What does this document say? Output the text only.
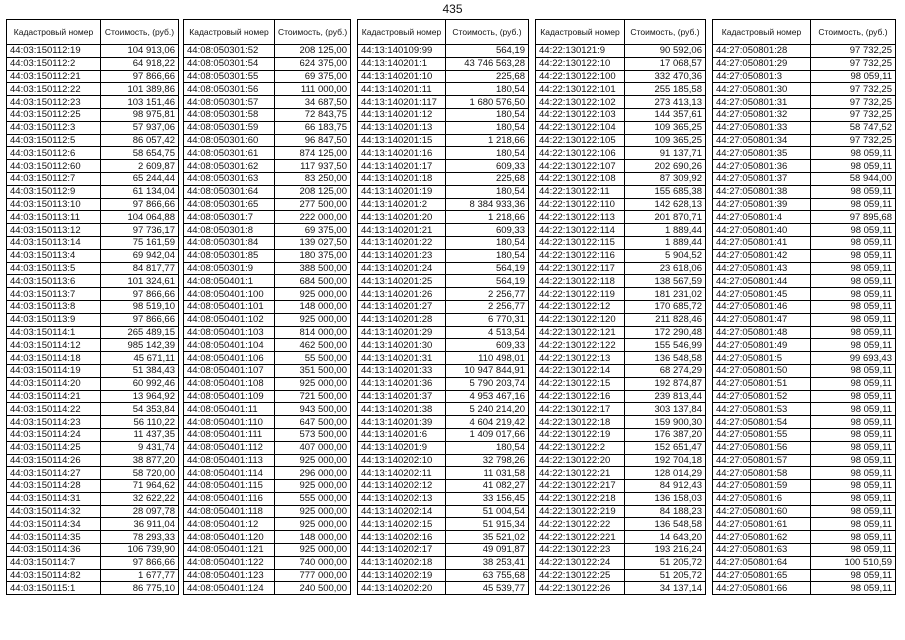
435
Кадастровый номер	Стоимость, (руб.)
44:03:150112:19	104 913,06
44:03:150112:2	64 918,22
44:03:150112:21	97 866,66
44:03:150112:22	101 389,86
44:03:150112:23	103 151,46
44:03:150112:25	98 975,81
44:03:150112:3	57 937,06
44:03:150112:5	86 057,42
44:03:150112:6	58 654,75
44:03:150112:60	2 609,87
44:03:150112:7	65 244,44
44:03:150112:9	61 134,04
44:03:150113:10	97 866,66
44:03:150113:11	104 064,88
44:03:150113:12	97 736,17
44:03:150113:14	75 161,59
44:03:150113:4	69 942,04
44:03:150113:5	84 817,77
44:03:150113:6	101 324,61
44:03:150113:7	97 866,66
44:03:150113:8	98 519,10
44:03:150113:9	97 866,66
44:03:150114:1	265 489,15
44:03:150114:12	985 142,39
44:03:150114:18	45 671,11
44:03:150114:19	51 384,43
44:03:150114:20	60 992,46
44:03:150114:21	13 964,92
44:03:150114:22	54 353,84
44:03:150114:23	56 110,22
44:03:150114:24	11 437,35
44:03:150114:25	9 431,74
44:03:150114:26	38 877,20
44:03:150114:27	58 720,00
44:03:150114:28	71 964,62
44:03:150114:31	32 622,22
44:03:150114:32	28 097,78
44:03:150114:34	36 911,04
44:03:150114:35	78 293,33
44:03:150114:36	106 739,90
44:03:150114:7	97 866,66
44:03:150114:82	1 677,77
44:03:150115:1	86 775,10
Кадастровый номер	Стоимость, (руб.)
44:08:050301:52	208 125,00
44:08:050301:54	624 375,00
44:08:050301:55	69 375,00
44:08:050301:56	111 000,00
44:08:050301:57	34 687,50
44:08:050301:58	72 843,75
44:08:050301:59	66 183,75
44:08:050301:60	96 847,50
44:08:050301:61	874 125,00
44:08:050301:62	117 937,50
44:08:050301:63	83 250,00
44:08:050301:64	208 125,00
44:08:050301:65	277 500,00
44:08:050301:7	222 000,00
44:08:050301:8	69 375,00
44:08:050301:84	139 027,50
44:08:050301:85	180 375,00
44:08:050301:9	388 500,00
44:08:050401:1	684 500,00
44:08:050401:100	925 000,00
44:08:050401:101	148 000,00
44:08:050401:102	925 000,00
44:08:050401:103	814 000,00
44:08:050401:104	462 500,00
44:08:050401:106	55 500,00
44:08:050401:107	351 500,00
44:08:050401:108	925 000,00
44:08:050401:109	721 500,00
44:08:050401:11	943 500,00
44:08:050401:110	647 500,00
44:08:050401:111	573 500,00
44:08:050401:112	407 000,00
44:08:050401:113	925 000,00
44:08:050401:114	296 000,00
44:08:050401:115	925 000,00
44:08:050401:116	555 000,00
44:08:050401:118	925 000,00
44:08:050401:12	925 000,00
44:08:050401:120	148 000,00
44:08:050401:121	925 000,00
44:08:050401:122	740 000,00
44:08:050401:123	777 000,00
44:08:050401:124	240 500,00
Кадастровый номер	Стоимость, (руб.)
44:13:140109:99	564,19
44:13:140201:1	43 746 563,28
44:13:140201:10	225,68
44:13:140201:11	180,54
44:13:140201:117	1 680 576,50
44:13:140201:12	180,54
44:13:140201:13	180,54
44:13:140201:15	1 218,66
44:13:140201:16	180,54
44:13:140201:17	609,33
44:13:140201:18	225,68
44:13:140201:19	180,54
44:13:140201:2	8 384 933,36
44:13:140201:20	1 218,66
44:13:140201:21	609,33
44:13:140201:22	180,54
44:13:140201:23	180,54
44:13:140201:24	564,19
44:13:140201:25	564,19
44:13:140201:26	2 256,77
44:13:140201:27	2 256,77
44:13:140201:28	6 770,31
44:13:140201:29	4 513,54
44:13:140201:30	609,33
44:13:140201:31	110 498,01
44:13:140201:33	10 947 844,91
44:13:140201:36	5 790 203,74
44:13:140201:37	4 953 467,16
44:13:140201:38	5 240 214,20
44:13:140201:39	4 604 219,42
44:13:140201:6	1 409 017,66
44:13:140201:9	180,54
44:13:140202:10	32 798,26
44:13:140202:11	11 031,58
44:13:140202:12	41 082,27
44:13:140202:13	33 156,45
44:13:140202:14	51 004,54
44:13:140202:15	51 915,34
44:13:140202:16	35 521,02
44:13:140202:17	49 091,87
44:13:140202:18	38 253,41
44:13:140202:19	63 755,68
44:13:140202:20	45 539,77
Кадастровый номер	Стоимость, (руб.)
44:22:130121:9	90 592,06
44:22:130122:10	17 068,57
44:22:130122:100	332 470,36
44:22:130122:101	255 185,58
44:22:130122:102	273 413,13
44:22:130122:103	144 357,61
44:22:130122:104	109 365,25
44:22:130122:105	109 365,25
44:22:130122:106	91 137,71
44:22:130122:107	202 690,26
44:22:130122:108	87 309,92
44:22:130122:11	155 685,38
44:22:130122:110	142 628,13
44:22:130122:113	201 870,71
44:22:130122:114	1 889,44
44:22:130122:115	1 889,44
44:22:130122:116	5 904,52
44:22:130122:117	23 618,06
44:22:130122:118	138 567,59
44:22:130122:119	181 231,02
44:22:130122:12	170 685,72
44:22:130122:120	211 828,46
44:22:130122:121	172 290,48
44:22:130122:122	155 546,99
44:22:130122:13	136 548,58
44:22:130122:14	68 274,29
44:22:130122:15	192 874,87
44:22:130122:16	239 813,44
44:22:130122:17	303 137,84
44:22:130122:18	159 900,30
44:22:130122:19	176 387,20
44:22:130122:2	152 651,47
44:22:130122:20	192 704,18
44:22:130122:21	128 014,29
44:22:130122:217	84 912,43
44:22:130122:218	136 158,03
44:22:130122:219	84 188,23
44:22:130122:22	136 548,58
44:22:130122:221	14 643,20
44:22:130122:23	193 216,24
44:22:130122:24	51 205,72
44:22:130122:25	51 205,72
44:22:130122:26	34 137,14
Кадастровый номер	Стоимость, (руб.)
44:27:050801:28	97 732,25
44:27:050801:29	97 732,25
44:27:050801:3	98 059,11
44:27:050801:30	97 732,25
44:27:050801:31	97 732,25
44:27:050801:32	97 732,25
44:27:050801:33	58 747,52
44:27:050801:34	97 732,25
44:27:050801:35	98 059,11
44:27:050801:36	98 059,11
44:27:050801:37	58 944,00
44:27:050801:38	98 059,11
44:27:050801:39	98 059,11
44:27:050801:4	97 895,68
44:27:050801:40	98 059,11
44:27:050801:41	98 059,11
44:27:050801:42	98 059,11
44:27:050801:43	98 059,11
44:27:050801:44	98 059,11
44:27:050801:45	98 059,11
44:27:050801:46	98 059,11
44:27:050801:47	98 059,11
44:27:050801:48	98 059,11
44:27:050801:49	98 059,11
44:27:050801:5	99 693,43
44:27:050801:50	98 059,11
44:27:050801:51	98 059,11
44:27:050801:52	98 059,11
44:27:050801:53	98 059,11
44:27:050801:54	98 059,11
44:27:050801:55	98 059,11
44:27:050801:56	98 059,11
44:27:050801:57	98 059,11
44:27:050801:58	98 059,11
44:27:050801:59	98 059,11
44:27:050801:6	98 059,11
44:27:050801:60	98 059,11
44:27:050801:61	98 059,11
44:27:050801:62	98 059,11
44:27:050801:63	98 059,11
44:27:050801:64	100 510,59
44:27:050801:65	98 059,11
44:27:050801:66	98 059,11
